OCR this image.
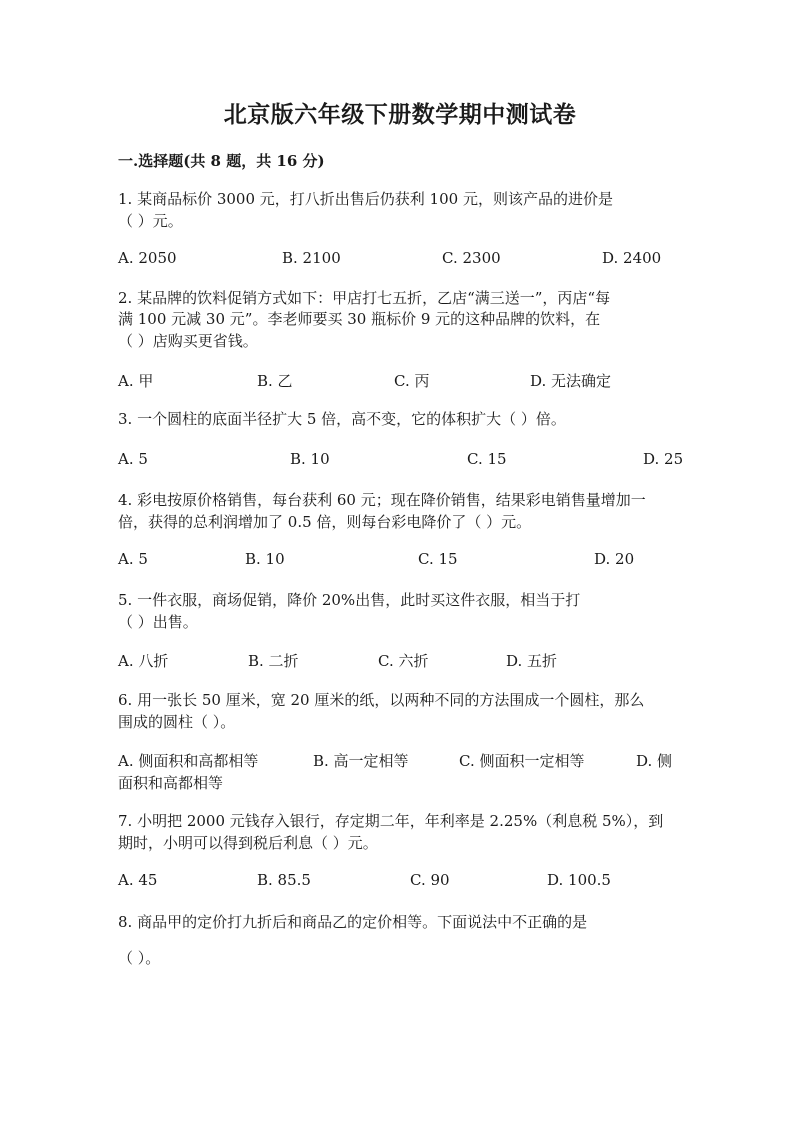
北京版六年级下册数学期中测试卷
一.选择题(共 8 题，共 16 分)
1. 某商品标价 3000 元，打八折出售后仍获利 100 元，则该产品的进价是
（ ）元。
A. 2050	B. 2100	C. 2300	D. 2400
2. 某品牌的饮料促销方式如下：甲店打七五折，乙店“满三送一”，丙店“每
满 100 元减 30 元”。李老师要买 30 瓶标价 9 元的这种品牌的饮料，在
（ ）店购买更省钱。
A. 甲	B. 乙	C. 丙	D. 无法确定
3. 一个圆柱的底面半径扩大 5 倍，高不变，它的体积扩大（ ）倍。
A. 5	B. 10	C. 15	D. 25
4. 彩电按原价格销售，每台获利 60 元；现在降价销售，结果彩电销售量增加一
倍，获得的总利润增加了 0.5 倍，则每台彩电降价了（ ）元。
A. 5	B. 10	C. 15	D. 20
5. 一件衣服，商场促销，降价 20%出售，此时买这件衣服，相当于打
（ ）出售。
A. 八折	B. 二折	C. 六折	D. 五折
6. 用一张长 50 厘米，宽 20 厘米的纸，以两种不同的方法围成一个圆柱，那么
围成的圆柱（ ）。
A. 侧面积和高都相等	B. 高一定相等	C. 侧面积一定相等	D. 侧
面积和高都相等
7. 小明把 2000 元钱存入银行，存定期二年，年利率是 2.25%（利息税 5%），到
期时，小明可以得到税后利息（ ）元。
A. 45	B. 85.5	C. 90	D. 100.5
8. 商品甲的定价打九折后和商品乙的定价相等。下面说法中不正确的是
（ ）。
